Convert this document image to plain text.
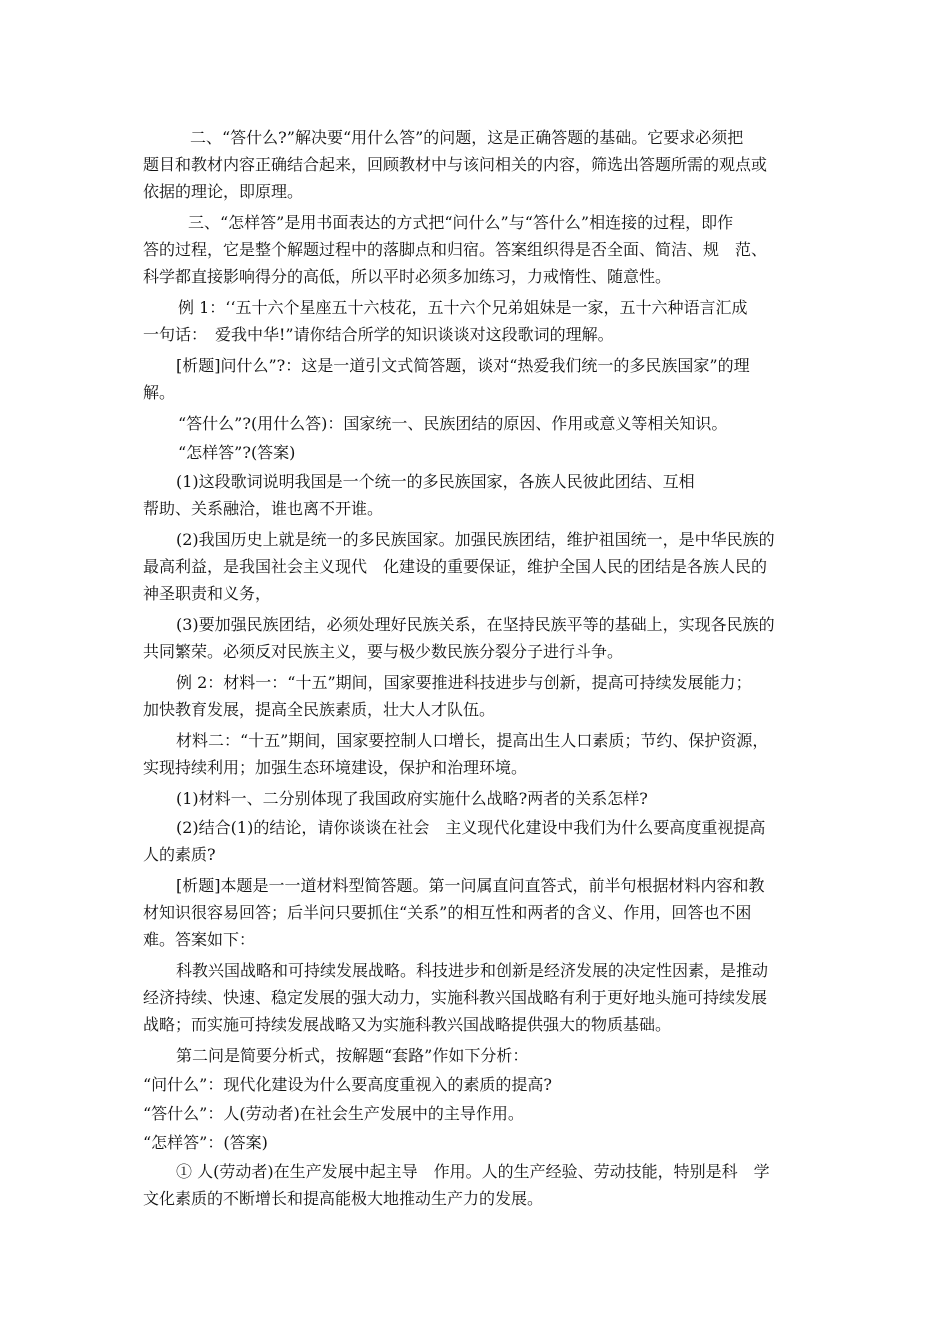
二、“答什么?”解决要“用什么答”的问题，这是正确答题的基础。它要求必须把
题目和教材内容正确结合起来，回顾教材中与该问相关的内容，筛选出答题所需的观点或
依据的理论，即原理。
三、“怎样答”是用书面表达的方式把“问什么”与“答什么”相连接的过程，即作
答的过程，它是整个解题过程中的落脚点和归宿。答案组织得是否全面、简洁、规　范、
科学都直接影响得分的高低，所以平时必须多加练习，力戒惰性、随意性。
例 1：‘‘五十六个星座五十六枝花，五十六个兄弟姐妹是一家，五十六种语言汇成
一句话：　爱我中华!”请你结合所学的知识谈谈对这段歌词的理解。
[析题]问什么”?：这是一道引文式简答题，谈对“热爱我们统一的多民族国家”的理
解。
“答什么”?(用什么答)：国家统一、民族团结的原因、作用或意义等相关知识。
“怎样答”?(答案)
(1)这段歌词说明我国是一个统一的多民族国家，各族人民彼此团结、互相
帮助、关系融洽，谁也离不开谁。
(2)我国历史上就是统一的多民族国家。加强民族团结，维护祖国统一，是中华民族的
最高利益，是我国社会主义现代　化建设的重要保证，维护全国人民的团结是各族人民的
神圣职责和义务，
(3)要加强民族团结，必须处理好民族关系，在坚持民族平等的基础上，实现各民族的
共同繁荣。必须反对民族主义，要与极少数民族分裂分子进行斗争。
例 2：材料一：“十五”期间，国家要推进科技进步与创新，提高可持续发展能力；
加快教育发展，提高全民族素质，壮大人才队伍。
材料二：“十五”期间，国家要控制人口增长，提高出生人口素质；节约、保护资源，
实现持续利用；加强生态环境建设，保护和治理环境。
(1)材料一、二分别体现了我国政府实施什么战略?两者的关系怎样?
(2)结合(1)的结论，请你谈谈在社会　主义现代化建设中我们为什么要高度重视提高
人的素质?
[析题]本题是一一道材料型简答题。第一问属直问直答式，前半句根据材料内容和教
材知识很容易回答；后半问只要抓住“关系”的相互性和两者的含义、作用，回答也不困
难。答案如下：
科教兴国战略和可持续发展战略。科技进步和创新是经济发展的决定性因素，是推动
经济持续、快速、稳定发展的强大动力，实施科教兴国战略有利于更好地头施可持续发展
战略；而实施可持续发展战略又为实施科教兴国战略提供强大的物质基础。
第二问是简要分析式，按解题“套路”作如下分析：
“问什么”：现代化建设为什么要高度重视入的素质的提高?
“答什么”：人(劳动者)在社会生产发展中的主导作用。
“怎样答”：(答案)
① 人(劳动者)在生产发展中起主导　作用。人的生产经验、劳动技能，特别是科　学
文化素质的不断增长和提高能极大地推动生产力的发展。
